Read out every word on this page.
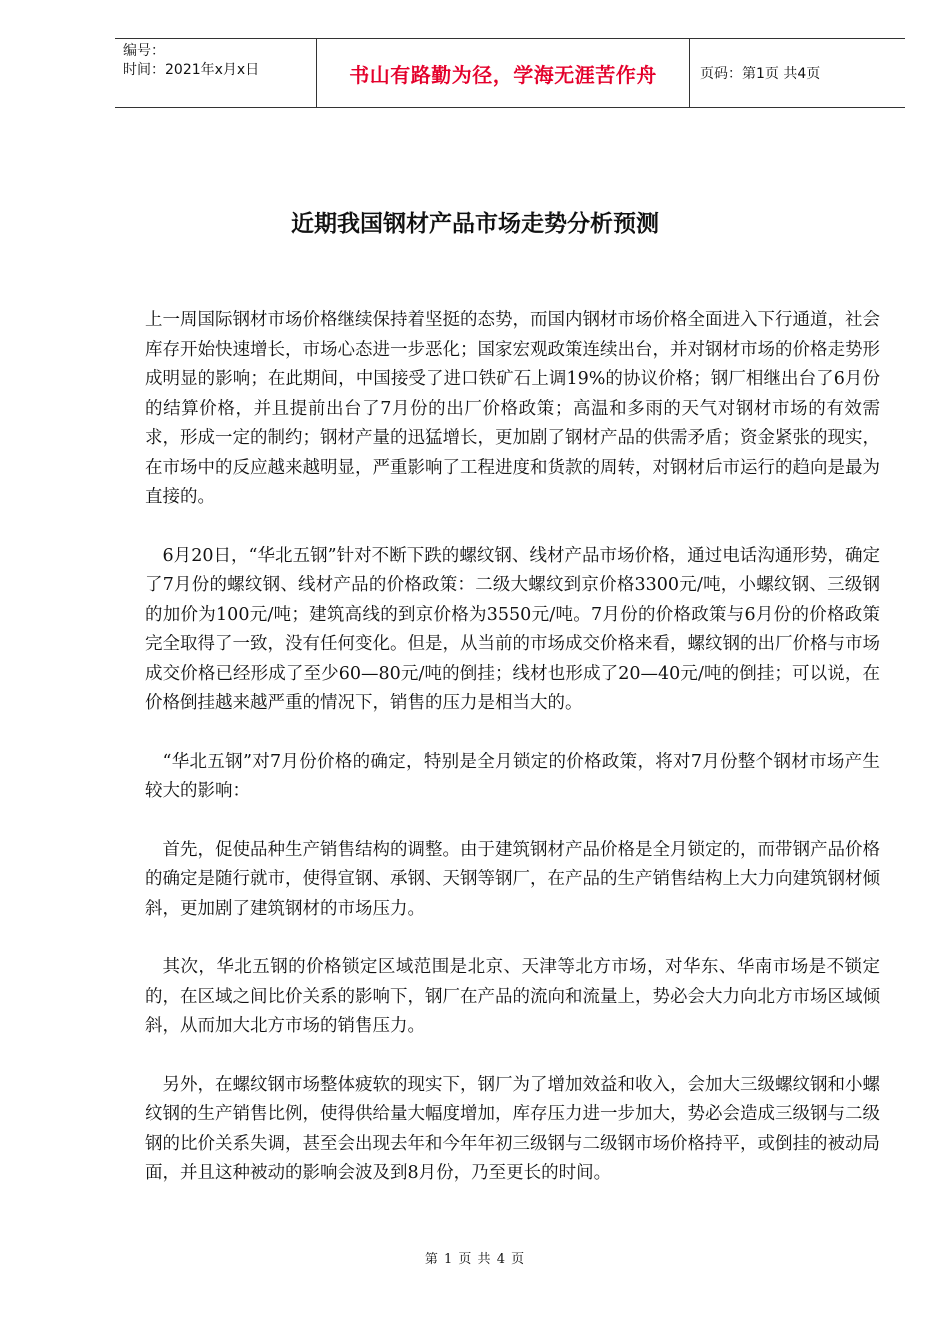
编号：
时间：2021年x月x日	书山有路勤为径，学海无涯苦作舟	页码：第1页 共4页
近期我国钢材产品市场走势分析预测

上一周国际钢材市场价格继续保持着坚挺的态势，而国内钢材市场价格全面进入下行通道，社会库存开始快速增长，市场心态进一步恶化；国家宏观政策连续出台，并对钢材市场的价格走势形成明显的影响；在此期间，中国接受了进口铁矿石上调19%的协议价格；钢厂相继出台了6月份的结算价格，并且提前出台了7月份的出厂价格政策；高温和多雨的天气对钢材市场的有效需求，形成一定的制约；钢材产量的迅猛增长，更加剧了钢材产品的供需矛盾；资金紧张的现实，在市场中的反应越来越明显，严重影响了工程进度和货款的周转，对钢材后市运行的趋向是最为直接的。

6月20日，“华北五钢”针对不断下跌的螺纹钢、线材产品市场价格，通过电话沟通形势，确定了7月份的螺纹钢、线材产品的价格政策：二级大螺纹到京价格3300元/吨，小螺纹钢、三级钢的加价为100元/吨；建筑高线的到京价格为3550元/吨。7月份的价格政策与6月份的价格政策完全取得了一致，没有任何变化。但是，从当前的市场成交价格来看，螺纹钢的出厂价格与市场成交价格已经形成了至少60—80元/吨的倒挂；线材也形成了20—40元/吨的倒挂；可以说，在价格倒挂越来越严重的情况下，销售的压力是相当大的。

“华北五钢”对7月份价格的确定，特别是全月锁定的价格政策，将对7月份整个钢材市场产生较大的影响：

首先，促使品种生产销售结构的调整。由于建筑钢材产品价格是全月锁定的，而带钢产品价格的确定是随行就市，使得宣钢、承钢、天钢等钢厂，在产品的生产销售结构上大力向建筑钢材倾斜，更加剧了建筑钢材的市场压力。

其次，华北五钢的价格锁定区域范围是北京、天津等北方市场，对华东、华南市场是不锁定的，在区域之间比价关系的影响下，钢厂在产品的流向和流量上，势必会大力向北方市场区域倾斜，从而加大北方市场的销售压力。

另外，在螺纹钢市场整体疲软的现实下，钢厂为了增加效益和收入，会加大三级螺纹钢和小螺纹钢的生产销售比例，使得供给量大幅度增加，库存压力进一步加大，势必会造成三级钢与二级钢的比价关系失调，甚至会出现去年和今年年初三级钢与二级钢市场价格持平，或倒挂的被动局面，并且这种被动的影响会波及到8月份，乃至更长的时间。

第 1 页 共 4 页
